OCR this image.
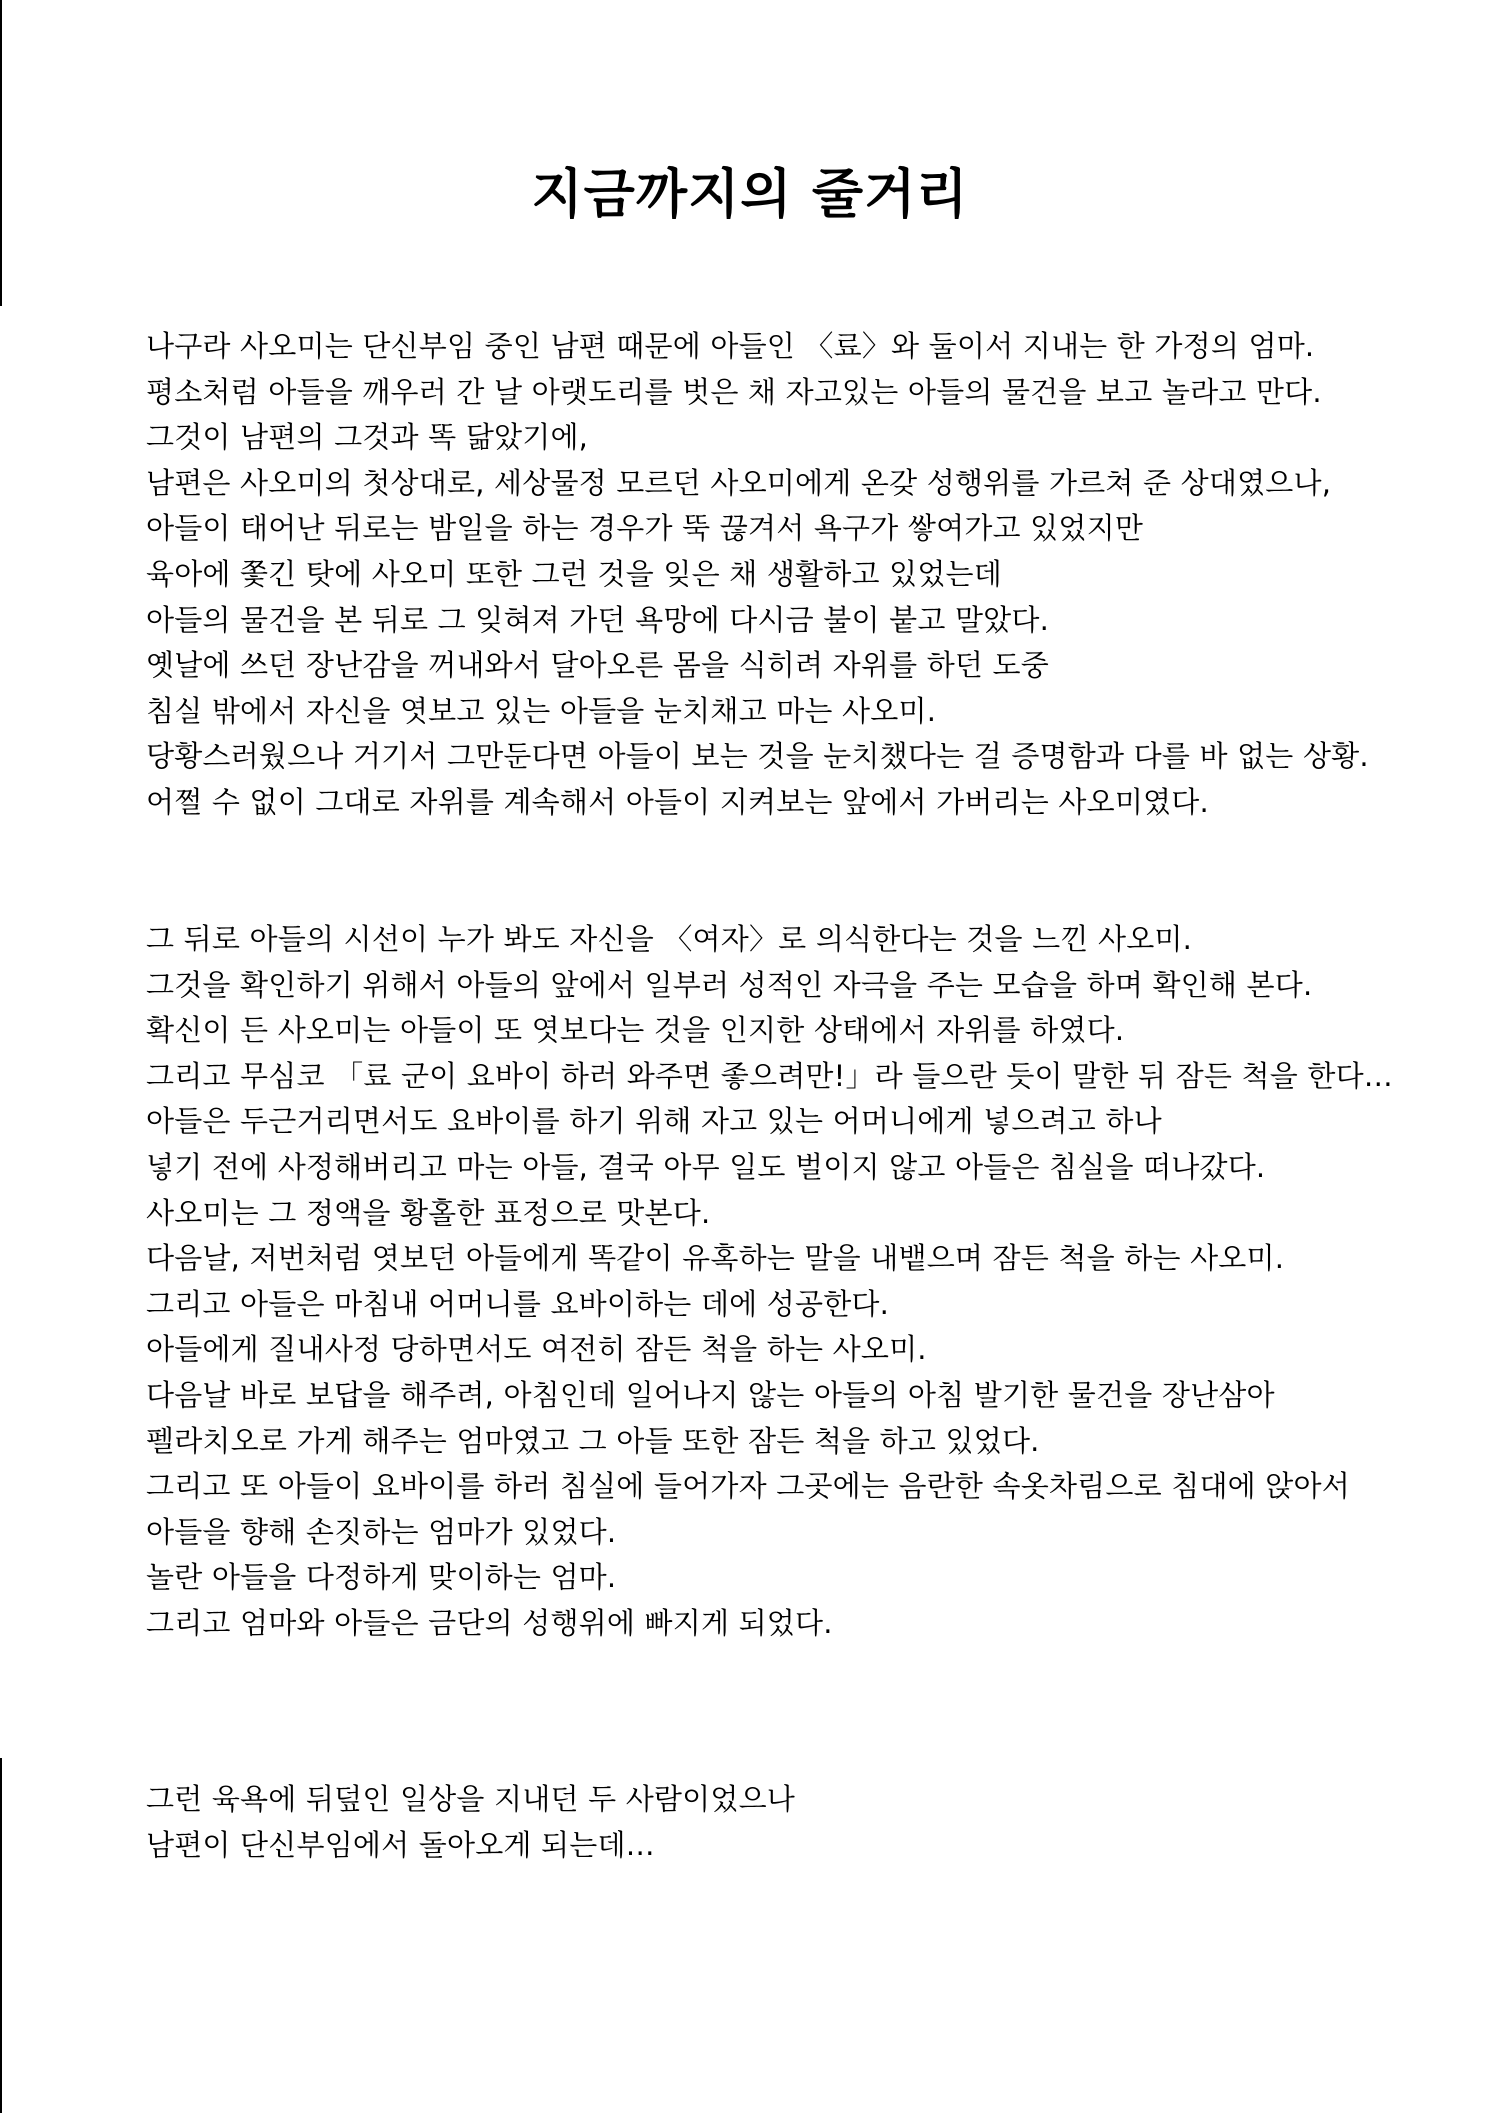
지금까지의 줄거리
나구라 사오미는 단신부임 중인 남편 때문에 아들인 〈료〉와 둘이서 지내는 한 가정의 엄마.
평소처럼 아들을 깨우러 간 날 아랫도리를 벗은 채 자고있는 아들의 물건을 보고 놀라고 만다.
그것이 남편의 그것과 똑 닮았기에,
남편은 사오미의 첫상대로, 세상물정 모르던 사오미에게 온갖 성행위를 가르쳐 준 상대였으나,
아들이 태어난 뒤로는 밤일을 하는 경우가 뚝 끊겨서 욕구가 쌓여가고 있었지만
육아에 쫓긴 탓에 사오미 또한 그런 것을 잊은 채 생활하고 있었는데
아들의 물건을 본 뒤로 그 잊혀져 가던 욕망에 다시금 불이 붙고 말았다.
옛날에 쓰던 장난감을 꺼내와서 달아오른 몸을 식히려 자위를 하던 도중
침실 밖에서 자신을 엿보고 있는 아들을 눈치채고 마는 사오미.
당황스러웠으나 거기서 그만둔다면 아들이 보는 것을 눈치챘다는 걸 증명함과 다를 바 없는 상황.
어쩔 수 없이 그대로 자위를 계속해서 아들이 지켜보는 앞에서 가버리는 사오미였다.
그 뒤로 아들의 시선이 누가 봐도 자신을 〈여자〉로 의식한다는 것을 느낀 사오미.
그것을 확인하기 위해서 아들의 앞에서 일부러 성적인 자극을 주는 모습을 하며 확인해 본다.
확신이 든 사오미는 아들이 또 엿보다는 것을 인지한 상태에서 자위를 하였다.
그리고 무심코 「료 군이 요바이 하러 와주면 좋으려만!」라 들으란 듯이 말한 뒤 잠든 척을 한다…
아들은 두근거리면서도 요바이를 하기 위해 자고 있는 어머니에게 넣으려고 하나
넣기 전에 사정해버리고 마는 아들, 결국 아무 일도 벌이지 않고 아들은 침실을 떠나갔다.
사오미는 그 정액을 황홀한 표정으로 맛본다.
다음날, 저번처럼 엿보던 아들에게 똑같이 유혹하는 말을 내뱉으며 잠든 척을 하는 사오미.
그리고 아들은 마침내 어머니를 요바이하는 데에 성공한다.
아들에게 질내사정 당하면서도 여전히 잠든 척을 하는 사오미.
다음날 바로 보답을 해주려, 아침인데 일어나지 않는 아들의 아침 발기한 물건을 장난삼아
펠라치오로 가게 해주는 엄마였고 그 아들 또한 잠든 척을 하고 있었다.
그리고 또 아들이 요바이를 하러 침실에 들어가자 그곳에는 음란한 속옷차림으로 침대에 앉아서
아들을 향해 손짓하는 엄마가 있었다.
놀란 아들을 다정하게 맞이하는 엄마.
그리고 엄마와 아들은 금단의 성행위에 빠지게 되었다.
그런 육욕에 뒤덮인 일상을 지내던 두 사람이었으나
남편이 단신부임에서 돌아오게 되는데…
